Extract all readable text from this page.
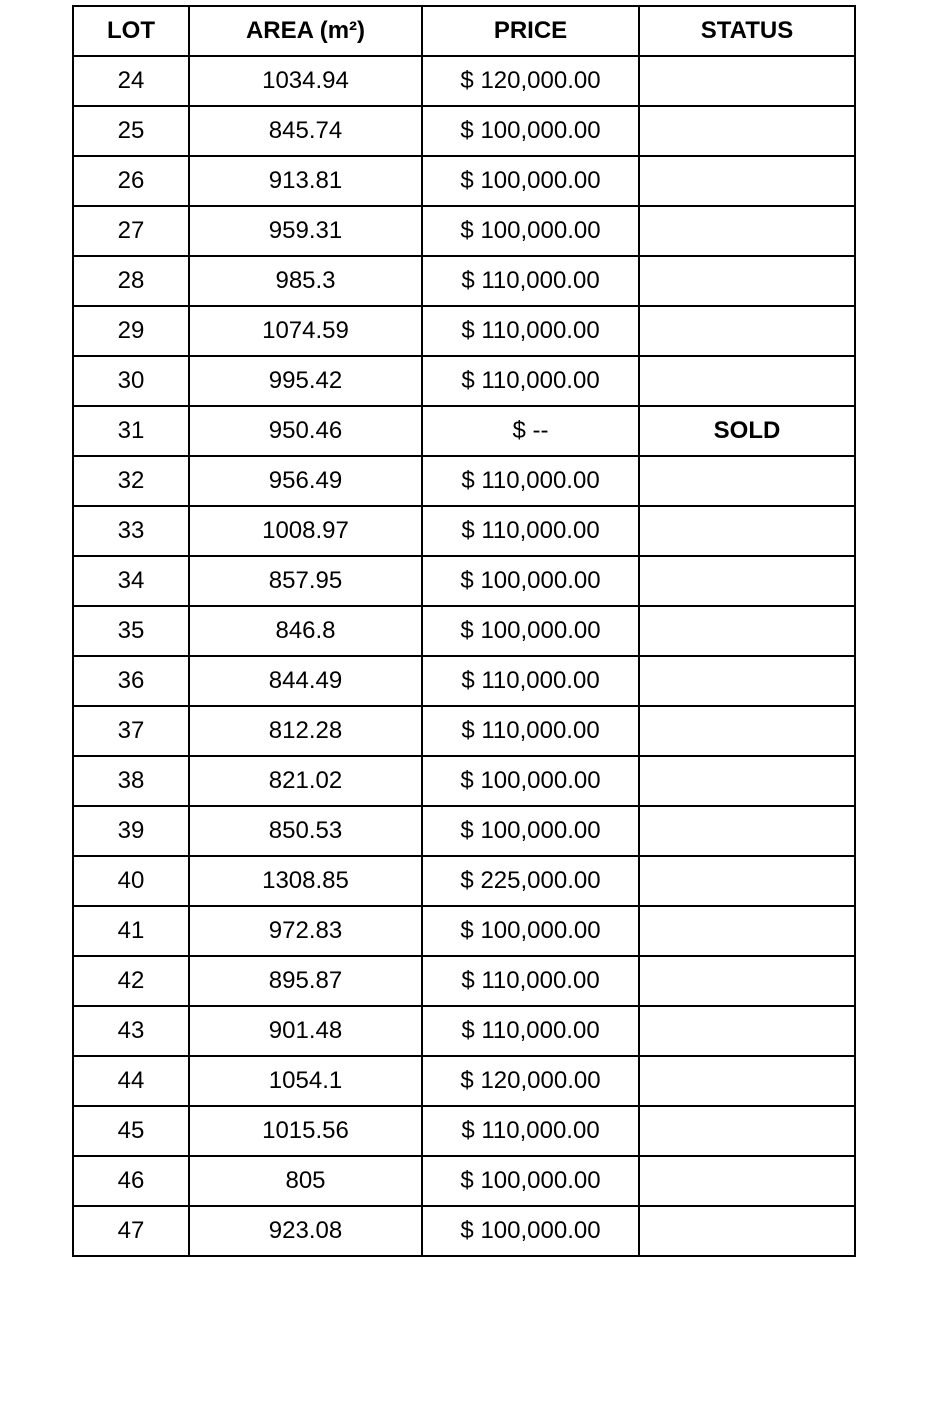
LOT	AREA (m²)	PRICE	STATUS
24	1034.94	$ 120,000.00	
25	845.74	$ 100,000.00	
26	913.81	$ 100,000.00	
27	959.31	$ 100,000.00	
28	985.3	$ 110,000.00	
29	1074.59	$ 110,000.00	
30	995.42	$ 110,000.00	
31	950.46	$ --	SOLD
32	956.49	$ 110,000.00	
33	1008.97	$ 110,000.00	
34	857.95	$ 100,000.00	
35	846.8	$ 100,000.00	
36	844.49	$ 110,000.00	
37	812.28	$ 110,000.00	
38	821.02	$ 100,000.00	
39	850.53	$ 100,000.00	
40	1308.85	$ 225,000.00	
41	972.83	$ 100,000.00	
42	895.87	$ 110,000.00	
43	901.48	$ 110,000.00	
44	1054.1	$ 120,000.00	
45	1015.56	$ 110,000.00	
46	805	$ 100,000.00	
47	923.08	$ 100,000.00	
